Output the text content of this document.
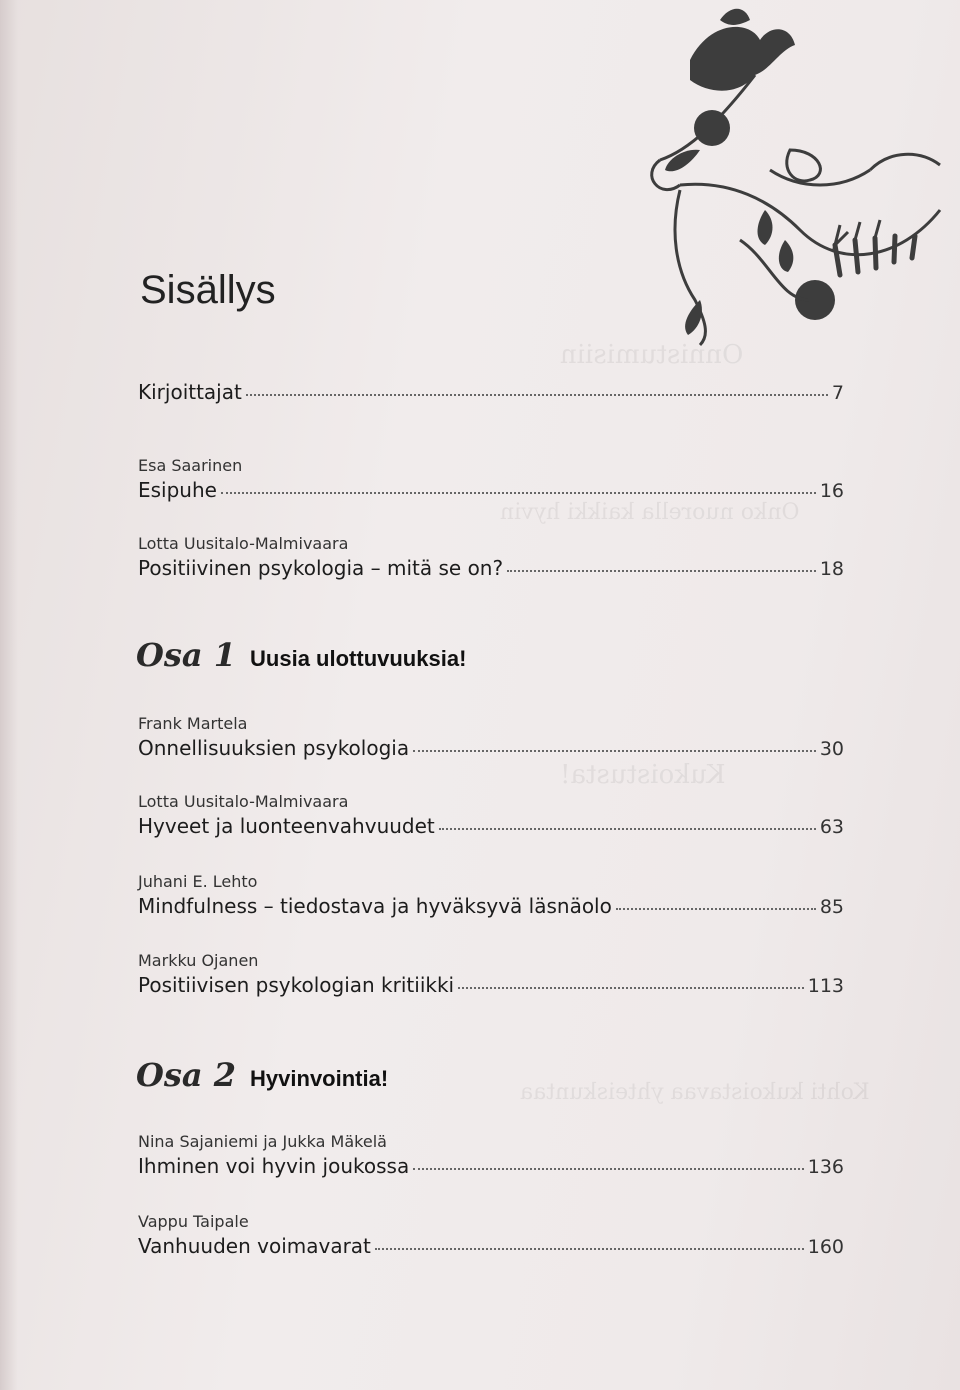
Onnistumisiin
Onko nuorella kaikki hyvin
Kukoistusta!
Kohti kukoistavaa yhteiskuntaa
Sisällys
Kirjoittajat	7
Esa Saarinen
Esipuhe	16
Lotta Uusitalo-Malmivaara
Positiivinen psykologia – mitä se on?	18
Osa 1 Uusia ulottuvuuksia!
Frank Martela
Onnellisuuksien psykologia	30
Lotta Uusitalo-Malmivaara
Hyveet ja luonteenvahvuudet	63
Juhani E. Lehto
Mindfulness – tiedostava ja hyväksyvä läsnäolo	85
Markku Ojanen
Positiivisen psykologian kritiikki	113
Osa 2 Hyvinvointia!
Nina Sajaniemi ja Jukka Mäkelä
Ihminen voi hyvin joukossa	136
Vappu Taipale
Vanhuuden voimavarat	160
